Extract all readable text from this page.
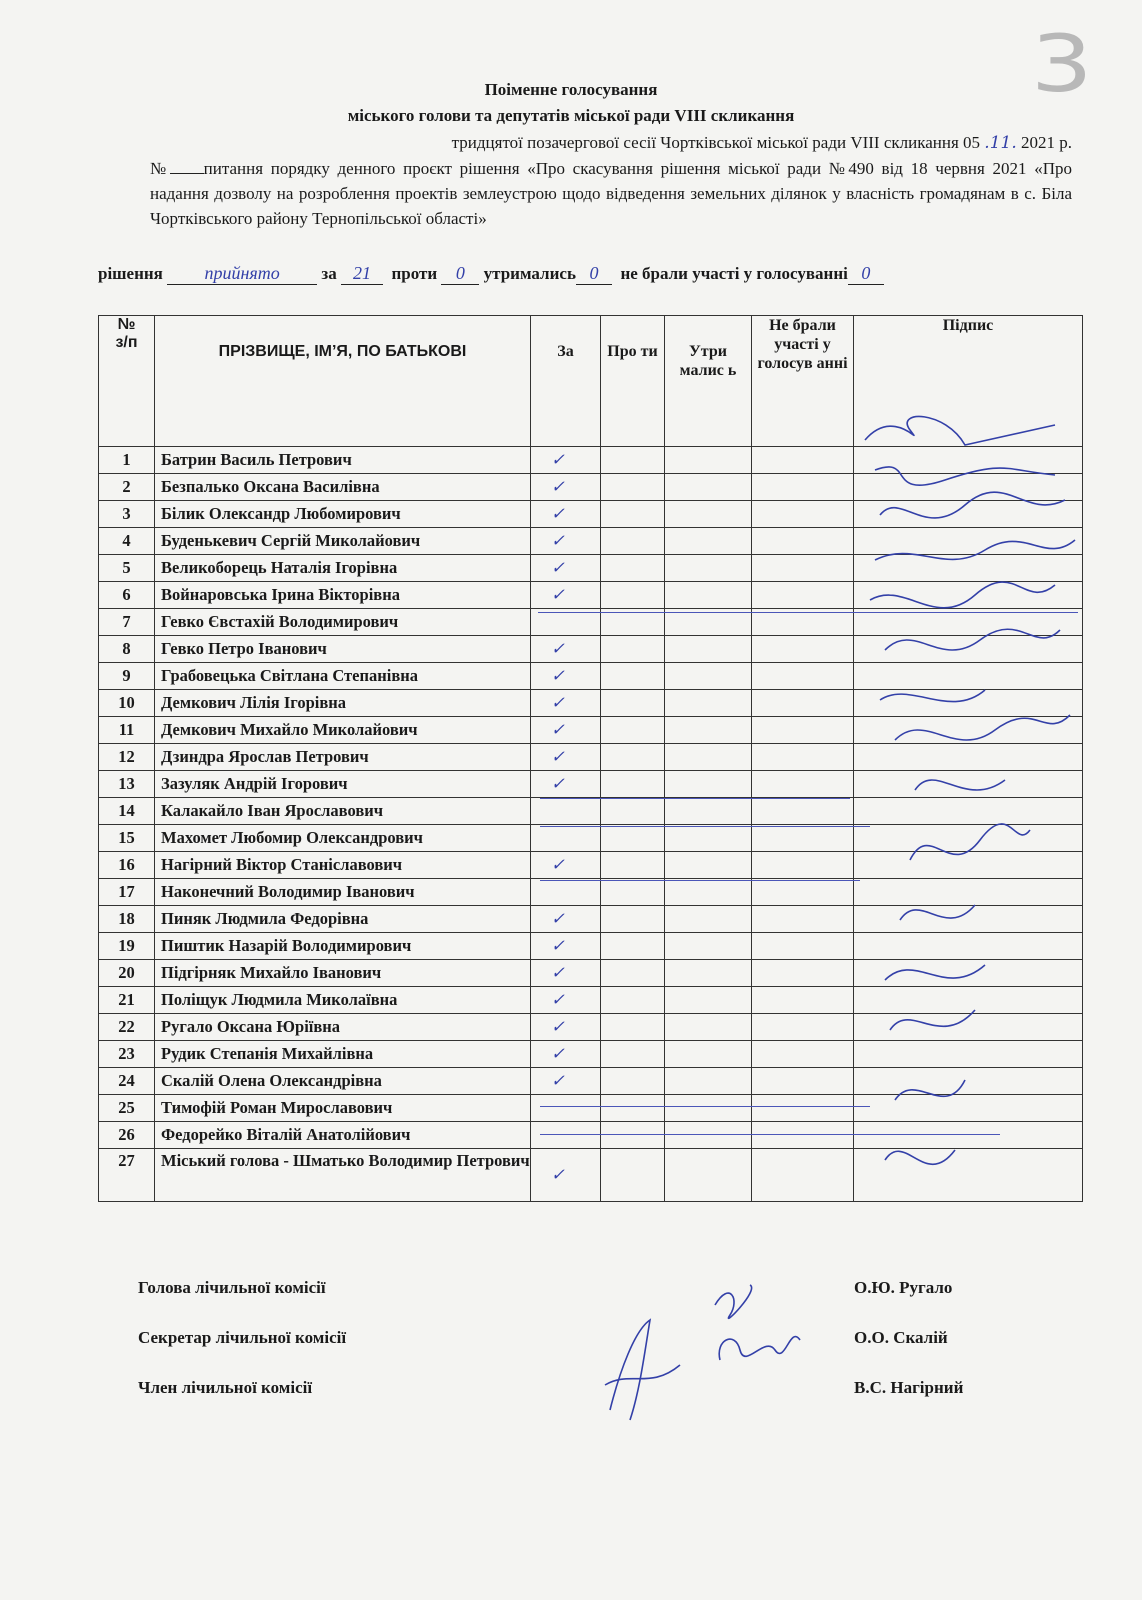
3
Поіменне голосування
міського голови та депутатів міської ради VIII скликання
тридцятої позачергової сесії Чортківської міської ради VIII скликання 05 .11. 2021 р.
№ питання порядку денного проєкт рішення «Про скасування рішення міської ради №490 від 18 червня 2021 «Про надання дозволу на розроблення проектів землеустрою щодо відведення земельних ділянок у власність громадянам в с. Біла Чортківського району Тернопільської області»
рішення прийнято за 21 проти 0 утримались 0 не брали участі у голосуванні 0
№
з/п	ПРІЗВИЩЕ, ІМ’Я, ПО БАТЬКОВІ	За	Про ти	Утри малис ь	Не брали участі у голосув анні	Підпис

1	Батрин Василь Петрович	✓				
2	Безпалько Оксана Василівна	✓				
3	Білик Олександр Любомирович	✓				
4	Буденькевич Сергій Миколайович	✓				
5	Великоборець Наталія Ігорівна	✓				
6	Войнаровська Ірина Вікторівна	✓				
7	Гевко Євстахій Володимирович					
8	Гевко Петро Іванович	✓				
9	Грабовецька Світлана Степанівна	✓				
10	Демкович Лілія Ігорівна	✓				
11	Демкович Михайло Миколайович	✓				
12	Дзиндра Ярослав Петрович	✓				
13	Зазуляк Андрій Ігорович	✓				
14	Калакайло Іван Ярославович					
15	Махомет Любомир Олександрович					
16	Нагірний Віктор Станіславович	✓				
17	Наконечний Володимир Іванович					
18	Пиняк Людмила Федорівна	✓				
19	Пиштик Назарій Володимирович	✓				
20	Підгірняк Михайло Іванович	✓				
21	Поліщук Людмила Миколаївна	✓				
22	Ругало Оксана Юріївна	✓				
23	Рудик Степанія Михайлівна	✓				
24	Скалій Олена Олександрівна	✓				
25	Тимофій Роман Мирославович					
26	Федорейко Віталій Анатолійович					
27	Міський голова - Шматько Володимир Петрович	✓				
Голова лічильної комісії	О.Ю. Ругало
Секретар лічильної комісії	О.О. Скалій
Член лічильної комісії	В.С. Нагірний
